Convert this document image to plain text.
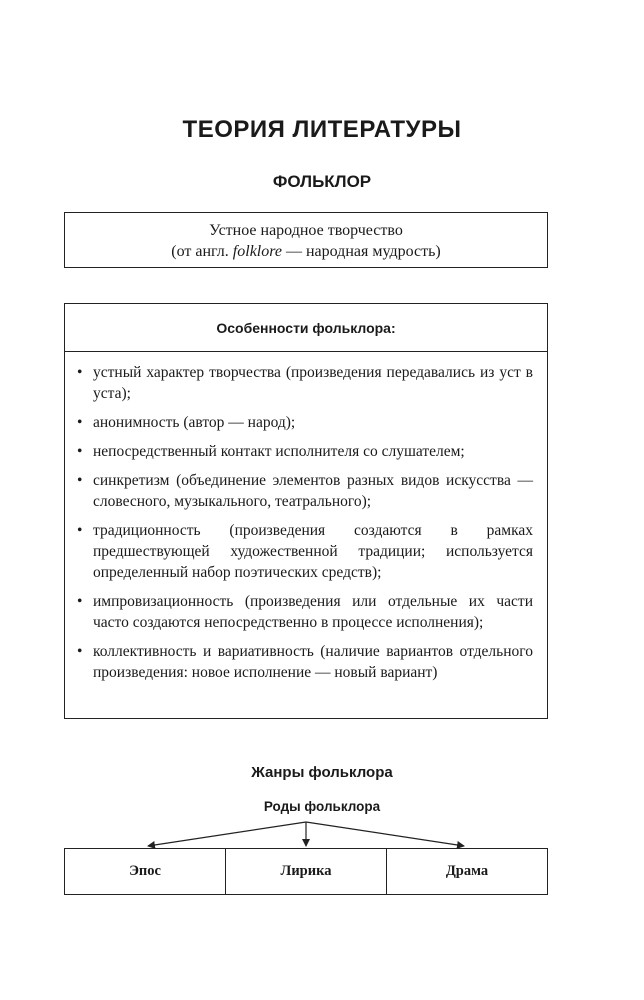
ТЕОРИЯ ЛИТЕРАТУРЫ
ФОЛЬКЛОР
Устное народное творчество
(от англ. folklore — народная мудрость)
Особенности фольклора:
• устный характер творчества (произведения передавались из уст в уста);
• анонимность (автор — народ);
• непосредственный контакт исполнителя со слушателем;
• синкретизм (объединение элементов разных видов искусства — словесного, музыкального, театрального);
• традиционность (произведения создаются в рамках предшествующей художественной традиции; используется определенный набор поэтических средств);
• импровизационность (произведения или отдельные их части часто создаются непосредственно в процессе исполнения);
• коллективность и вариативность (наличие вариантов отдельного произведения: новое исполнение — новый вариант)
Жанры фольклора
Роды фольклора
Эпос	Лирика	Драма
